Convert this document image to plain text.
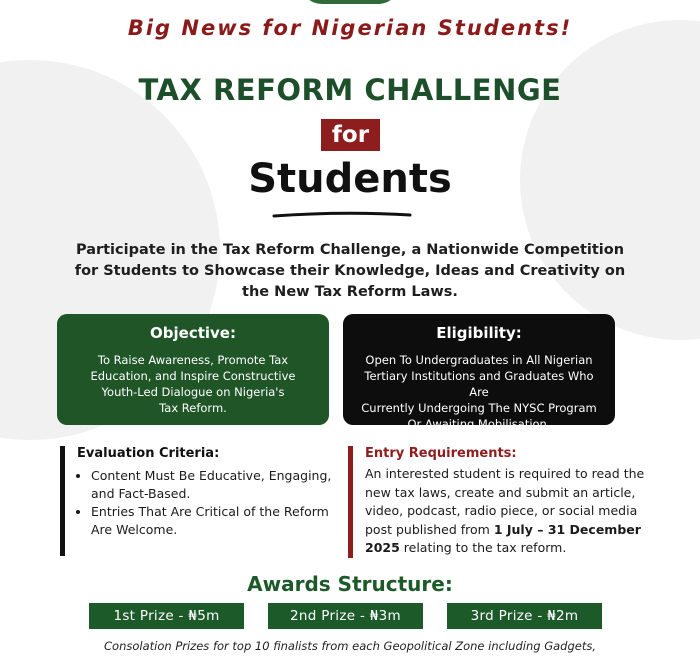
Big News for Nigerian Students!
TAX REFORM CHALLENGE
for
Students
Participate in the Tax Reform Challenge, a Nationwide Competition
for Students to Showcase their Knowledge, Ideas and Creativity on
the New Tax Reform Laws.
Objective:
To Raise Awareness, Promote Tax
Education, and Inspire Constructive
Youth-Led Dialogue on Nigeria's
Tax Reform.
Eligibility:
Open To Undergraduates in All Nigerian
Tertiary Institutions and Graduates Who Are
Currently Undergoing The NYSC Program
Or Awaiting Mobilisation.
Evaluation Criteria:
• Content Must Be Educative, Engaging, and Fact-Based.
• Entries That Are Critical of the Reform Are Welcome.
Entry Requirements:
An interested student is required to read the new tax laws, create and submit an article, video, podcast, radio piece, or social media post published from 1 July – 31 December 2025 relating to the tax reform.
Awards Structure:
1st Prize - ₦5m	2nd Prize - ₦3m	3rd Prize - ₦2m
Consolation Prizes for top 10 finalists from each Geopolitical Zone including Gadgets,
